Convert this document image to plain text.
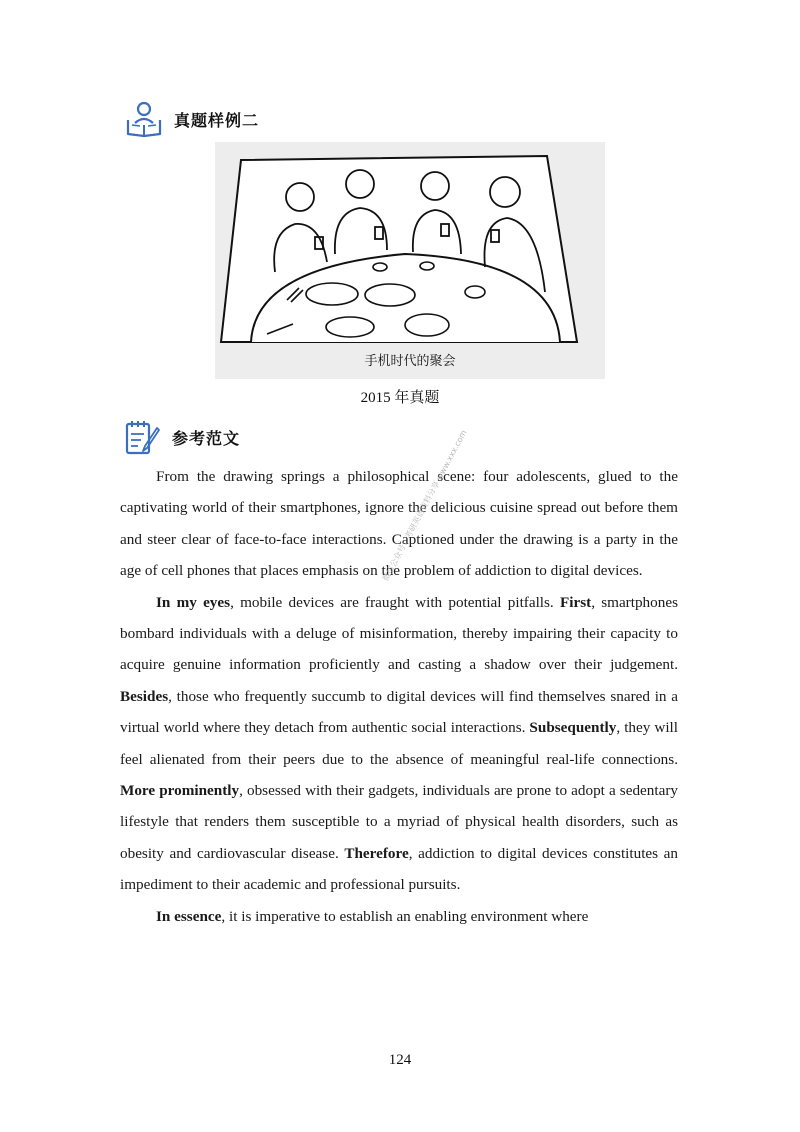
真题样例二
手机时代的聚会
2015 年真题
参考范文

From the drawing springs a philosophical scene: four adolescents, glued to the captivating world of their smartphones, ignore the delicious cuisine spread out before them and steer clear of face-to-face interactions. Captioned under the drawing is a party in the age of cell phones that places emphasis on the problem of addiction to digital devices.

In my eyes, mobile devices are fraught with potential pitfalls. First, smartphones bombard individuals with a deluge of misinformation, thereby impairing their capacity to acquire genuine information proficiently and casting a shadow over their judgement. Besides, those who frequently succumb to digital devices will find themselves snared in a virtual world where they detach from authentic social interactions. Subsequently, they will feel alienated from their peers due to the absence of meaningful real-life connections. More prominently, obsessed with their gadgets, individuals are prone to adopt a sedentary lifestyle that renders them susceptible to a myriad of physical health disorders, such as obesity and cardiovascular disease. Therefore, addiction to digital devices constitutes an impediment to their academic and professional pursuits.

In essence, it is imperative to establish an enabling environment where

微信公众号：考研英语资料分享 www.xxx.com
124
